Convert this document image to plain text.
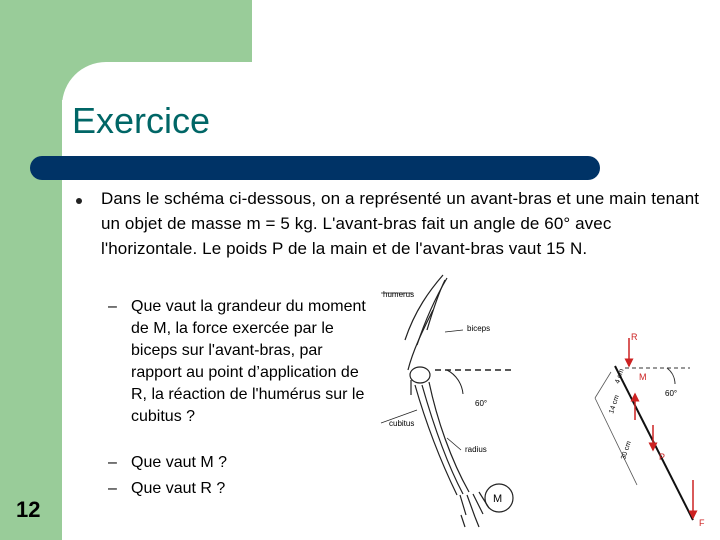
Exercice
Dans le schéma ci-dessous, on a représenté un avant-bras et une main tenant un objet de masse m = 5 kg. L'avant-bras fait un angle de 60° avec l'horizontale. Le poids P de la main et de l'avant-bras vaut 15 N.
– Que vaut la grandeur du moment de M, la force exercée par le biceps sur l'avant-bras, par rapport au point d’application de R, la réaction de l'humérus sur le cubitus ?
– Que vaut M ?
– Que vaut R ?
humerus
biceps
60°
cubitus
radius
M
R
M
P
F
60°
4 cm
14 cm
30 cm
12
